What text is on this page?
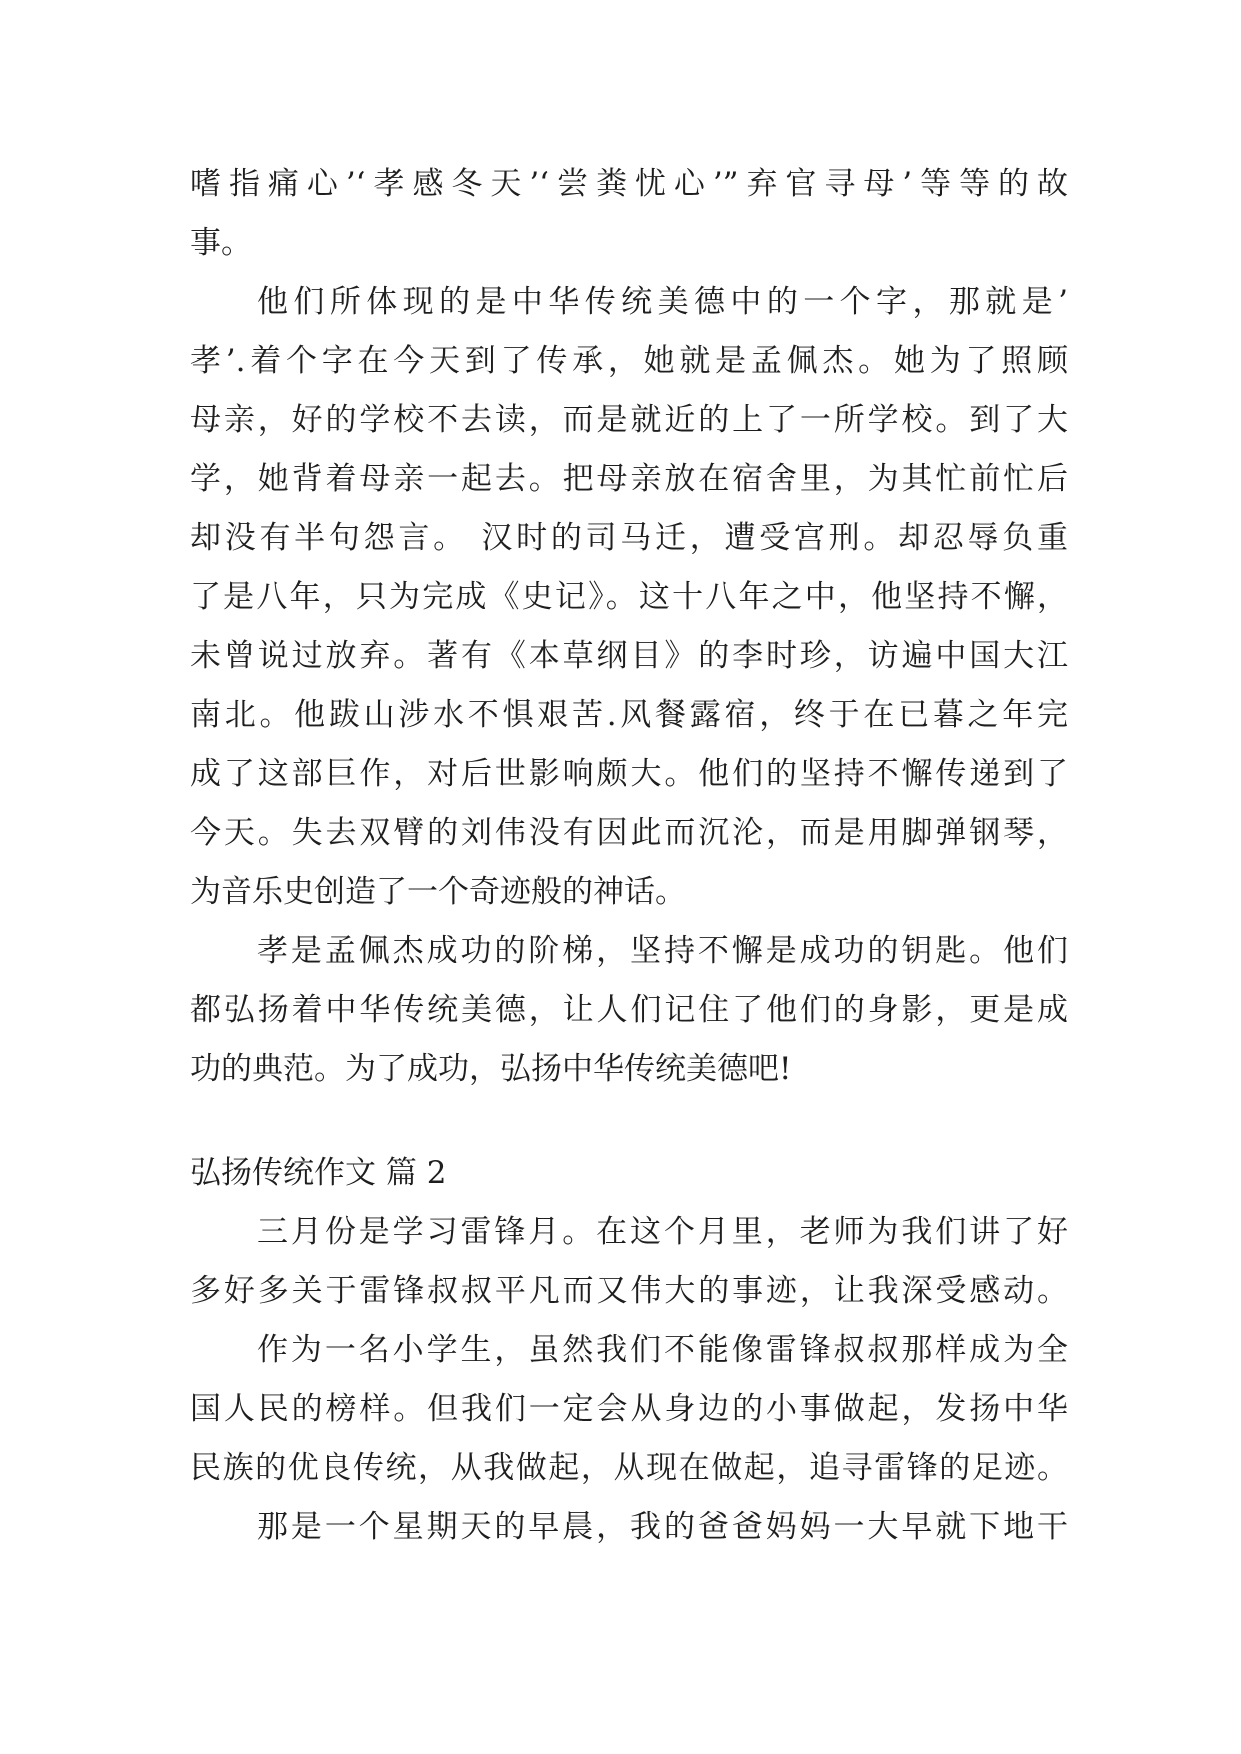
嗜指痛心’‘孝感冬天’‘尝粪忧心’”弃官寻母’等等的故
事。
他们所体现的是中华传统美德中的一个字，那就是’
孝’.着个字在今天到了传承，她就是孟佩杰。她为了照顾
母亲，好的学校不去读，而是就近的上了一所学校。到了大
学，她背着母亲一起去。把母亲放在宿舍里，为其忙前忙后
却没有半句怨言。 汉时的司马迁，遭受宫刑。却忍辱负重
了是八年，只为完成《史记》。这十八年之中，他坚持不懈，
未曾说过放弃。著有《本草纲目》的李时珍，访遍中国大江
南北。他跋山涉水不惧艰苦.风餐露宿，终于在已暮之年完
成了这部巨作，对后世影响颇大。他们的坚持不懈传递到了
今天。失去双臂的刘伟没有因此而沉沦，而是用脚弹钢琴，
为音乐史创造了一个奇迹般的神话。
孝是孟佩杰成功的阶梯，坚持不懈是成功的钥匙。他们
都弘扬着中华传统美德，让人们记住了他们的身影，更是成
功的典范。为了成功，弘扬中华传统美德吧!
弘扬传统作文 篇 2
三月份是学习雷锋月。在这个月里，老师为我们讲了好
多好多关于雷锋叔叔平凡而又伟大的事迹，让我深受感动。
作为一名小学生，虽然我们不能像雷锋叔叔那样成为全
国人民的榜样。但我们一定会从身边的小事做起，发扬中华
民族的优良传统，从我做起，从现在做起，追寻雷锋的足迹。
那是一个星期天的早晨，我的爸爸妈妈一大早就下地干
